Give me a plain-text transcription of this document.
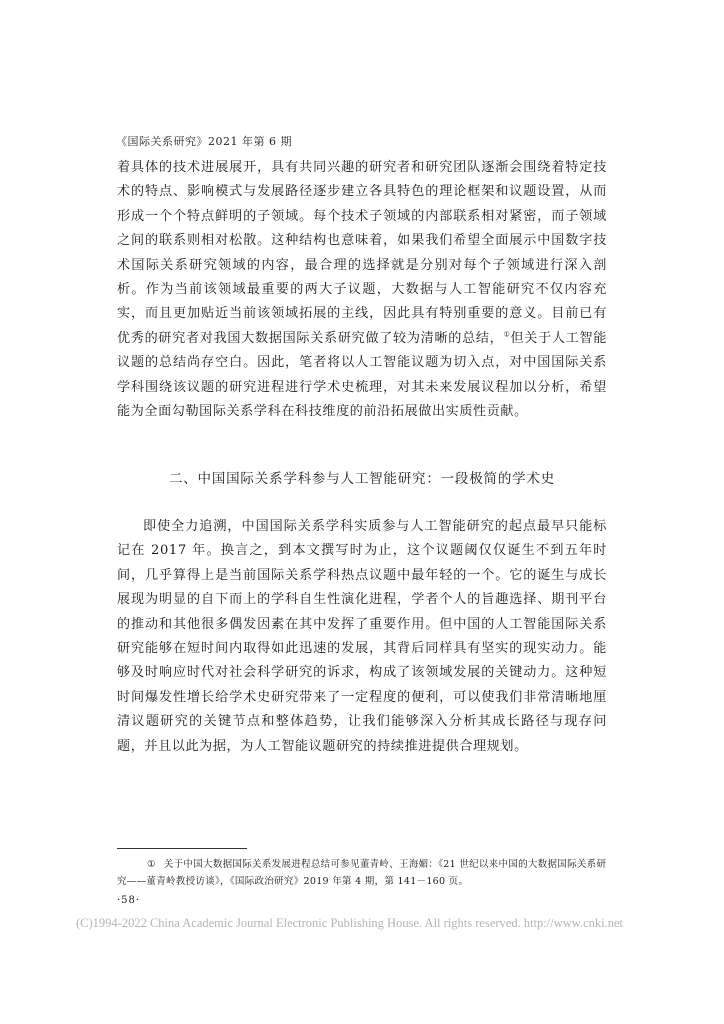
《国际关系研究》2021 年第 6 期

着具体的技术进展展开，具有共同兴趣的研究者和研究团队逐渐会围绕着特定技术的特点、影响模式与发展路径逐步建立各具特色的理论框架和议题设置，从而形成一个个特点鲜明的子领域。每个技术子领域的内部联系相对紧密，而子领域之间的联系则相对松散。这种结构也意味着，如果我们希望全面展示中国数字技术国际关系研究领域的内容，最合理的选择就是分别对每个子领域进行深入剖析。作为当前该领域最重要的两大子议题，大数据与人工智能研究不仅内容充实，而且更加贴近当前该领域拓展的主线，因此具有特别重要的意义。目前已有优秀的研究者对我国大数据国际关系研究做了较为清晰的总结，①但关于人工智能议题的总结尚存空白。因此，笔者将以人工智能议题为切入点，对中国国际关系学科围绕该议题的研究进程进行学术史梳理，对其未来发展议程加以分析，希望能为全面勾勒国际关系学科在科技维度的前沿拓展做出实质性贡献。

二、中国国际关系学科参与人工智能研究：一段极简的学术史

即使全力追溯，中国国际关系学科实质参与人工智能研究的起点最早只能标记在 2017 年。换言之，到本文撰写时为止，这个议题阈仅仅诞生不到五年时间，几乎算得上是当前国际关系学科热点议题中最年轻的一个。它的诞生与成长展现为明显的自下而上的学科自生性演化进程，学者个人的旨趣选择、期刊平台的推动和其他很多偶发因素在其中发挥了重要作用。但中国的人工智能国际关系研究能够在短时间内取得如此迅速的发展，其背后同样具有坚实的现实动力。能够及时响应时代对社会科学研究的诉求，构成了该领域发展的关键动力。这种短时间爆发性增长给学术史研究带来了一定程度的便利，可以使我们非常清晰地厘清议题研究的关键节点和整体趋势，让我们能够深入分析其成长路径与现存问题，并且以此为据，为人工智能议题研究的持续推进提供合理规划。

① 关于中国大数据国际关系发展进程总结可参见董青岭、王海媚：《21 世纪以来中国的大数据国际关系研究——董青岭教授访谈》，《国际政治研究》2019 年第 4 期，第 141－160 页。

·58·
(C)1994-2022 China Academic Journal Electronic Publishing House. All rights reserved. http://www.cnki.net
